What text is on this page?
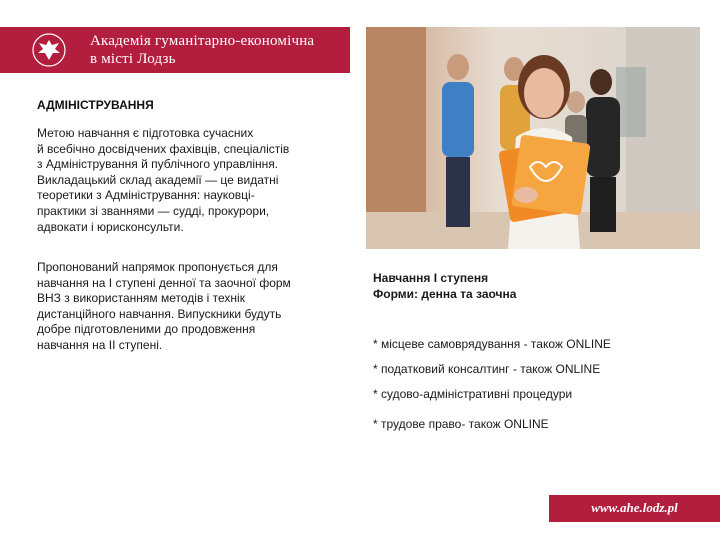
Академія гуманітарно-економічна
в місті Лодзь
АДМІНІСТРУВАННЯ
Метою навчання є підготовка сучасних
й всебічно досвідчених фахівців, спеціалістів
з Адміністрування й публічного управління.
Викладацький склад академії — це видатні
теоретики з Адміністрування: науковці-
практики зі званнями — судді, прокурори,
адвокати і юрисконсульти.
Пропонований напрямок пропонується для
навчання на І ступені денної та заочної форм
ВНЗ з використанням методів і технік
дистанційного навчання. Випускники будуть
добре підготовленими до продовження
навчання на ІІ ступені.
Навчання І ступеня
Форми: денна та заочна
* місцеве самоврядування - також ONLINE
* податковий консалтинг - також ONLINE
* судово-адміністративні процедури
* трудове право- також ONLINE
www.ahe.lodz.pl
